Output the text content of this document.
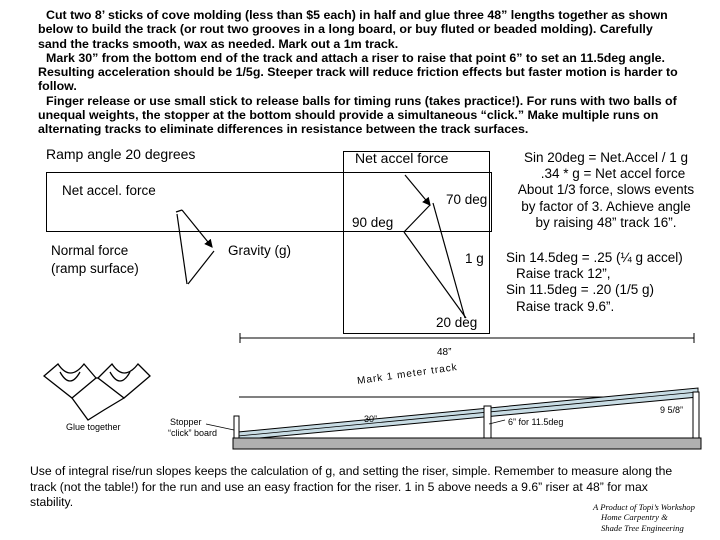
Cut two 8’ sticks of cove molding (less than $5 each) in half and glue three 48” lengths together as shown below to build the track (or rout two grooves in a long board, or buy fluted or beaded molding). Carefully sand the tracks smooth, wax as needed. Mark out a 1m track.
Mark 30” from the bottom end of the track and attach a riser to raise that point 6” to set an 11.5deg angle. Resulting acceleration should be 1/5g. Steeper track will reduce friction effects but faster motion is harder to follow.
Finger release or use small stick to release balls for timing runs (takes practice!). For runs with two balls of unequal weights, the stopper at the bottom should provide a simultaneous “click.” Make multiple runs on alternating tracks to eliminate differences in resistance between the track surfaces.
Ramp angle 20 degrees
Net accel. force
Normal force
(ramp surface)
Gravity (g)
Net accel force
70 deg
90 deg
1 g
20 deg
Sin 20deg = Net.Accel / 1 g
.34 * g = Net accel force
About 1/3 force, slows events
by factor of 3. Achieve angle
by raising 48” track 16”.
Sin 14.5deg = .25 (¼ g accel)
Raise track 12”,
Sin 11.5deg = .20 (1/5 g)
Raise track 9.6”.
48”
Mark 1 meter track
Glue together	Stopper
“click” board
30”	6” for 11.5deg
9 5/8”
Use of integral rise/run slopes keeps the calculation of g, and setting the riser, simple. Remember to measure along the track (not the table!) for the run and use an easy fraction for the riser. 1 in 5 above needs a 9.6” riser at 48” for max stability.	A Product of Topi’s Workshop
Home Carpentry &
Shade Tree Engineering
